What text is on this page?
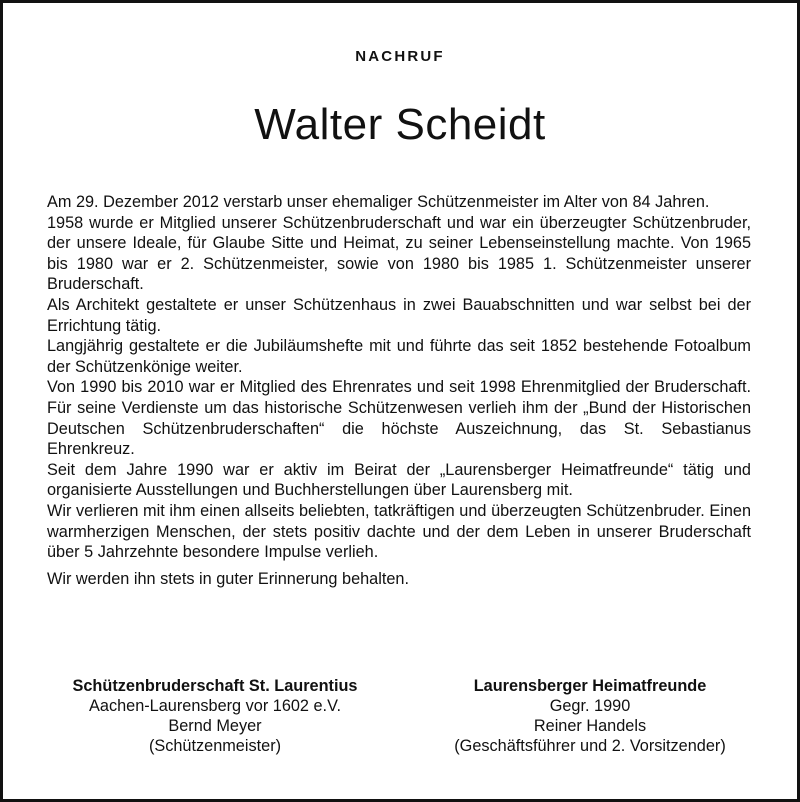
NACHRUF
Walter Scheidt

Am 29. Dezember 2012 verstarb unser ehemaliger Schützenmeister im Alter von 84 Jahren.

1958 wurde er Mitglied unserer Schützenbruderschaft und war ein überzeugter Schützenbruder, der unsere Ideale, für Glaube Sitte und Heimat, zu seiner Lebenseinstellung machte. Von 1965 bis 1980 war er 2. Schützenmeister, sowie von 1980 bis 1985 1. Schützenmeister unserer Bruderschaft.

Als Architekt gestaltete er unser Schützenhaus in zwei Bauabschnitten und war selbst bei der Errichtung tätig.

Langjährig gestaltete er die Jubiläumshefte mit und führte das seit 1852 bestehende Fotoalbum der Schützenkönige weiter.

Von 1990 bis 2010 war er Mitglied des Ehrenrates und seit 1998 Ehrenmitglied der Bruderschaft. Für seine Verdienste um das historische Schützenwesen verlieh ihm der „Bund der Historischen Deutschen Schützenbruderschaften“ die höchste Auszeichnung, das St. Sebastianus Ehrenkreuz.

Seit dem Jahre 1990 war er aktiv im Beirat der „Laurensberger Heimatfreunde“ tätig und organisierte Ausstellungen und Buchherstellungen über Laurensberg mit.

Wir verlieren mit ihm einen allseits beliebten, tatkräftigen und überzeugten Schützenbruder. Einen warmherzigen Menschen, der stets positiv dachte und der dem Leben in unserer Bruderschaft über 5 Jahrzehnte besondere Impulse verlieh.

Wir werden ihn stets in guter Erinnerung behalten.

Schützenbruderschaft St. Laurentius
Aachen-Laurensberg vor 1602 e.V.
Bernd Meyer
(Schützenmeister)
Laurensberger Heimatfreunde
Gegr. 1990
Reiner Handels
(Geschäftsführer und 2. Vorsitzender)
